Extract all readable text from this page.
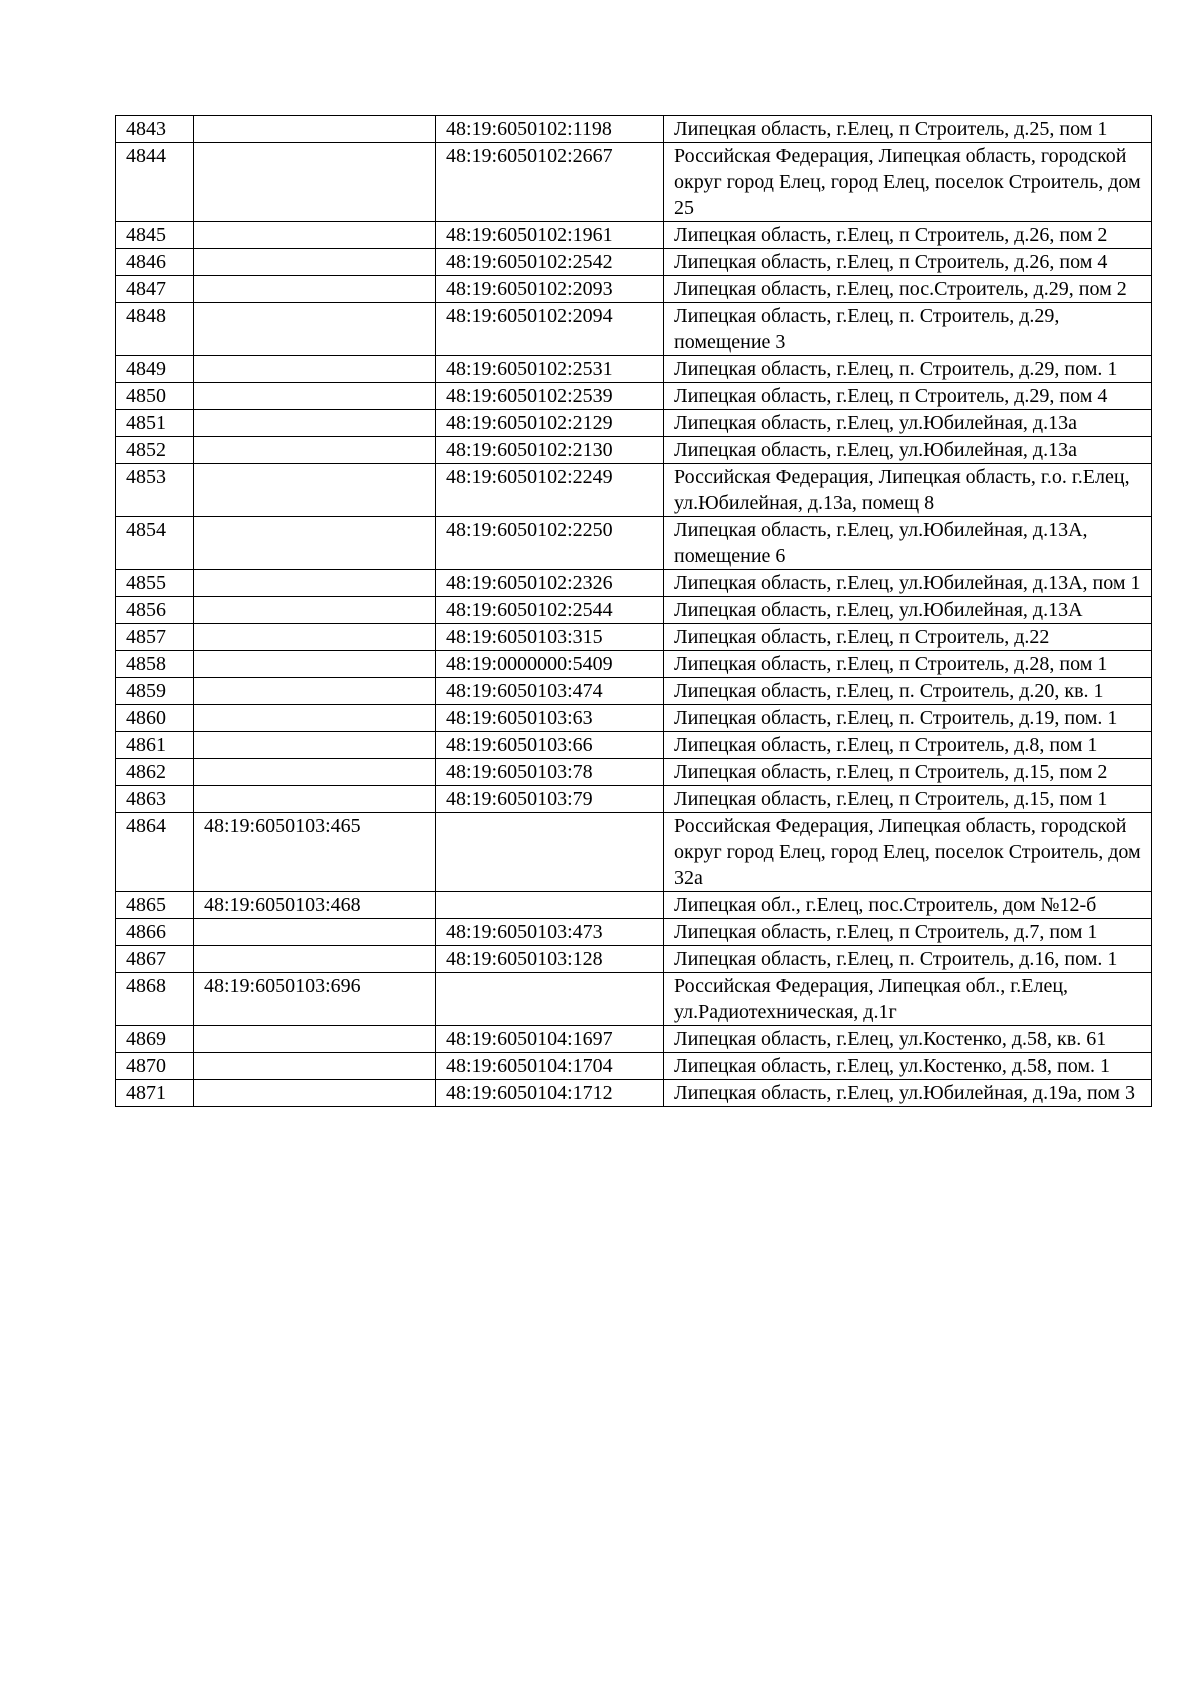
4843		48:19:6050102:1198	Липецкая область, г.Елец, п Строитель, д.25, пом 1
4844		48:19:6050102:2667	Российская Федерация, Липецкая область, городской округ город Елец, город Елец, поселок Строитель, дом 25
4845		48:19:6050102:1961	Липецкая область, г.Елец, п Строитель, д.26, пом 2
4846		48:19:6050102:2542	Липецкая область, г.Елец, п Строитель, д.26, пом 4
4847		48:19:6050102:2093	Липецкая область, г.Елец, пос.Строитель, д.29, пом 2
4848		48:19:6050102:2094	Липецкая область, г.Елец, п. Строитель, д.29, помещение 3
4849		48:19:6050102:2531	Липецкая область, г.Елец, п. Строитель, д.29, пом. 1
4850		48:19:6050102:2539	Липецкая область, г.Елец, п Строитель, д.29, пом 4
4851		48:19:6050102:2129	Липецкая область, г.Елец, ул.Юбилейная, д.13а
4852		48:19:6050102:2130	Липецкая область, г.Елец, ул.Юбилейная, д.13а
4853		48:19:6050102:2249	Российская Федерация, Липецкая область, г.о. г.Елец, ул.Юбилейная, д.13а, помещ 8
4854		48:19:6050102:2250	Липецкая область, г.Елец, ул.Юбилейная, д.13А, помещение 6
4855		48:19:6050102:2326	Липецкая область, г.Елец, ул.Юбилейная, д.13А, пом 1
4856		48:19:6050102:2544	Липецкая область, г.Елец, ул.Юбилейная, д.13А
4857		48:19:6050103:315	Липецкая область, г.Елец, п Строитель, д.22
4858		48:19:0000000:5409	Липецкая область, г.Елец, п Строитель, д.28, пом 1
4859		48:19:6050103:474	Липецкая область, г.Елец, п. Строитель, д.20, кв. 1
4860		48:19:6050103:63	Липецкая область, г.Елец, п. Строитель, д.19, пом. 1
4861		48:19:6050103:66	Липецкая область, г.Елец, п Строитель, д.8, пом 1
4862		48:19:6050103:78	Липецкая область, г.Елец, п Строитель, д.15, пом 2
4863		48:19:6050103:79	Липецкая область, г.Елец, п Строитель, д.15, пом 1
4864	48:19:6050103:465		Российская Федерация, Липецкая область, городской округ город Елец, город Елец, поселок Строитель, дом 32а
4865	48:19:6050103:468		Липецкая обл., г.Елец, пос.Строитель, дом №12-б
4866		48:19:6050103:473	Липецкая область, г.Елец, п Строитель, д.7, пом 1
4867		48:19:6050103:128	Липецкая область, г.Елец, п. Строитель, д.16, пом. 1
4868	48:19:6050103:696		Российская Федерация, Липецкая обл., г.Елец, ул.Радиотехническая, д.1г
4869		48:19:6050104:1697	Липецкая область, г.Елец, ул.Костенко, д.58, кв. 61
4870		48:19:6050104:1704	Липецкая область, г.Елец, ул.Костенко, д.58, пом. 1
4871		48:19:6050104:1712	Липецкая область, г.Елец, ул.Юбилейная, д.19а, пом 3
